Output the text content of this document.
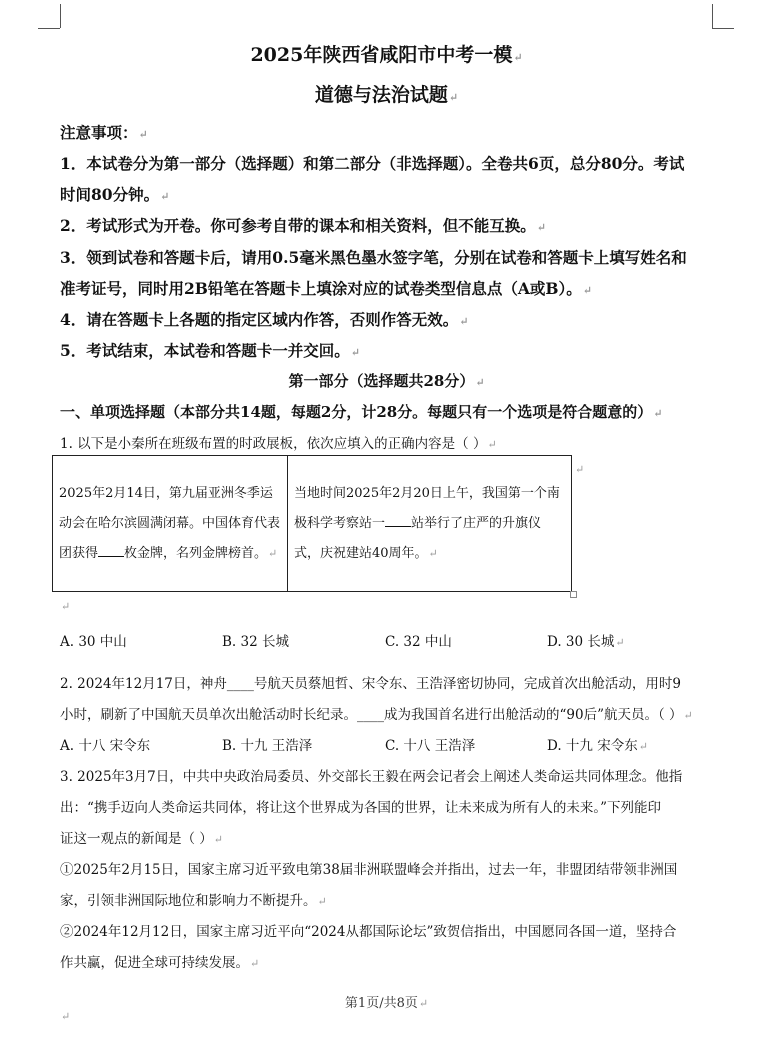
2025年陕西省咸阳市中考一模↵
道德与法治试题↵
注意事项：↵
1．本试卷分为第一部分（选择题）和第二部分（非选择题）。全卷共6页，总分80分。考试
时间80分钟。↵
2．考试形式为开卷。你可参考自带的课本和相关资料，但不能互换。↵
3．领到试卷和答题卡后，请用0.5毫米黑色墨水签字笔，分别在试卷和答题卡上填写姓名和
准考证号，同时用2B铅笔在答题卡上填涂对应的试卷类型信息点（A或B）。↵
4．请在答题卡上各题的指定区域内作答，否则作答无效。↵
5．考试结束，本试卷和答题卡一并交回。↵
第一部分（选择题共28分）↵
一、单项选择题（本部分共14题，每题2分，计28分。每题只有一个选项是符合题意的）↵
1. 以下是小秦所在班级布置的时政展板，依次应填入的正确内容是（ ）↵
2025年2月14日，第九届亚洲冬季运动会在哈尔滨圆满闭幕。中国体育代表团获得 枚金牌，名列金牌榜首。↵	当地时间2025年2月20日上午，我国第一个南极科学考察站一 站举行了庄严的升旗仪式，庆祝建站40周年。↵
↵
↵
A. 30 中山	B. 32 长城	C. 32 中山	D. 30 长城↵
2. 2024年12月17日，神舟____号航天员蔡旭哲、宋令东、王浩泽密切协同，完成首次出舱活动，用时9
小时，刷新了中国航天员单次出舱活动时长纪录。____成为我国首名进行出舱活动的“90后”航天员。（ ）↵
A. 十八 宋令东	B. 十九 王浩泽	C. 十八 王浩泽	D. 十九 宋令东↵
3. 2025年3月7日，中共中央政治局委员、外交部长王毅在两会记者会上阐述人类命运共同体理念。他指
出：“携手迈向人类命运共同体，将让这个世界成为各国的世界，让未来成为所有人的未来。”下列能印
证这一观点的新闻是（ ）↵
①2025年2月15日，国家主席习近平致电第38届非洲联盟峰会并指出，过去一年，非盟团结带领非洲国
家，引领非洲国际地位和影响力不断提升。↵
②2024年12月12日，国家主席习近平向“2024从都国际论坛”致贺信指出，中国愿同各国一道，坚持合
作共赢，促进全球可持续发展。↵
第1页/共8页↵
↵
